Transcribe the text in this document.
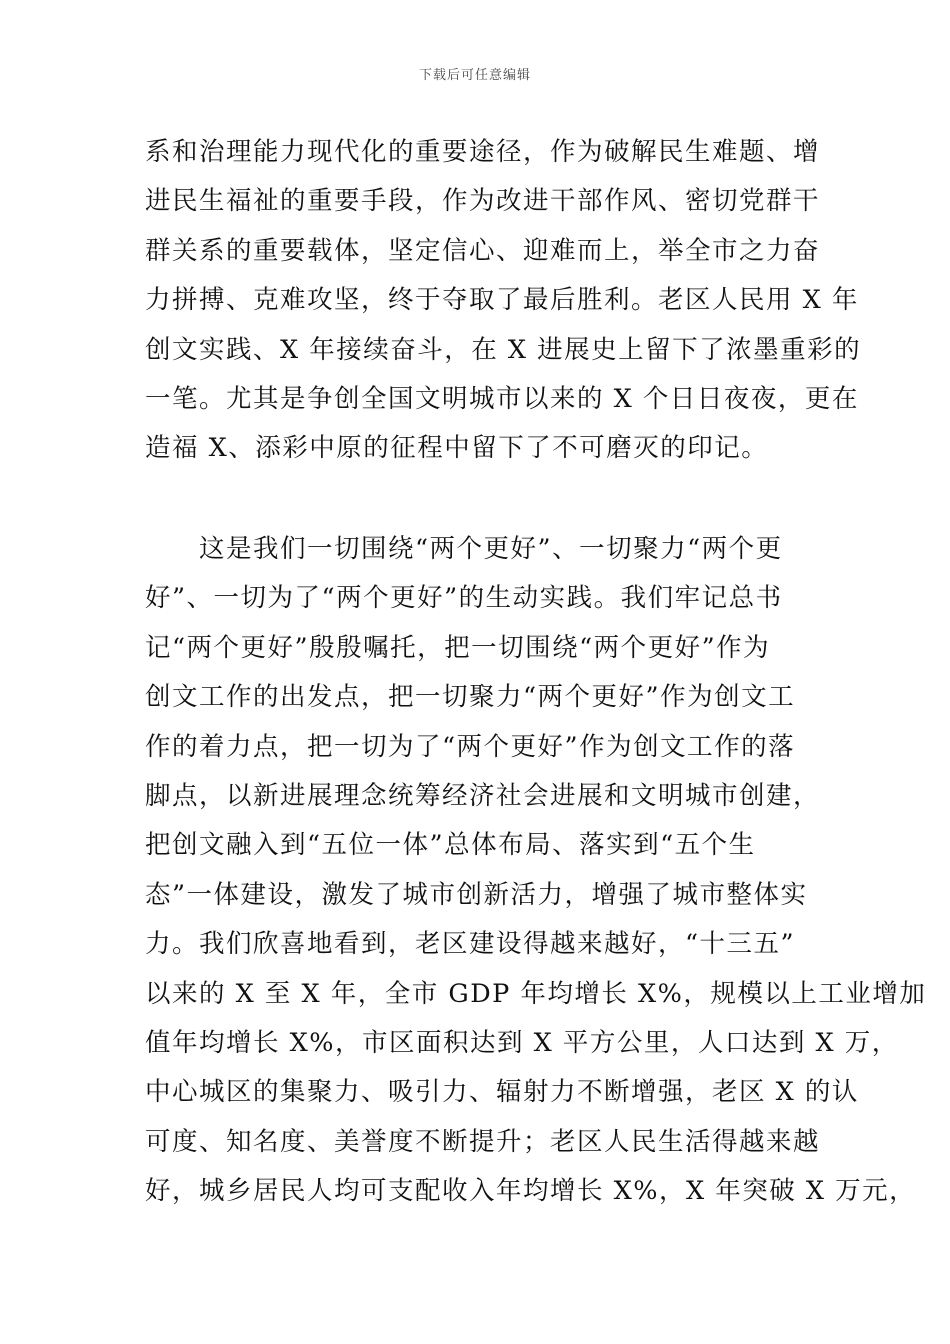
下载后可任意编辑
系和治理能力现代化的重要途径，作为破解民生难题、增
进民生福祉的重要手段，作为改进干部作风、密切党群干
群关系的重要载体，坚定信心、迎难而上，举全市之力奋
力拼搏、克难攻坚，终于夺取了最后胜利。老区人民用 X 年
创文实践、X 年接续奋斗，在 X 进展史上留下了浓墨重彩的
一笔。尤其是争创全国文明城市以来的 X 个日日夜夜，更在
造福 X、添彩中原的征程中留下了不可磨灭的印记。
　　这是我们一切围绕“两个更好”、一切聚力“两个更
好”、一切为了“两个更好”的生动实践。我们牢记总书
记“两个更好”殷殷嘱托，把一切围绕“两个更好”作为
创文工作的出发点，把一切聚力“两个更好”作为创文工
作的着力点，把一切为了“两个更好”作为创文工作的落
脚点，以新进展理念统筹经济社会进展和文明城市创建，
把创文融入到“五位一体”总体布局、落实到“五个生
态”一体建设，激发了城市创新活力，增强了城市整体实
力。我们欣喜地看到，老区建设得越来越好，“十三五”
以来的 X 至 X 年，全市 GDP 年均增长 X%，规模以上工业增加
值年均增长 X%，市区面积达到 X 平方公里，人口达到 X 万，
中心城区的集聚力、吸引力、辐射力不断增强，老区 X 的认
可度、知名度、美誉度不断提升；老区人民生活得越来越
好，城乡居民人均可支配收入年均增长 X%，X 年突破 X 万元，
